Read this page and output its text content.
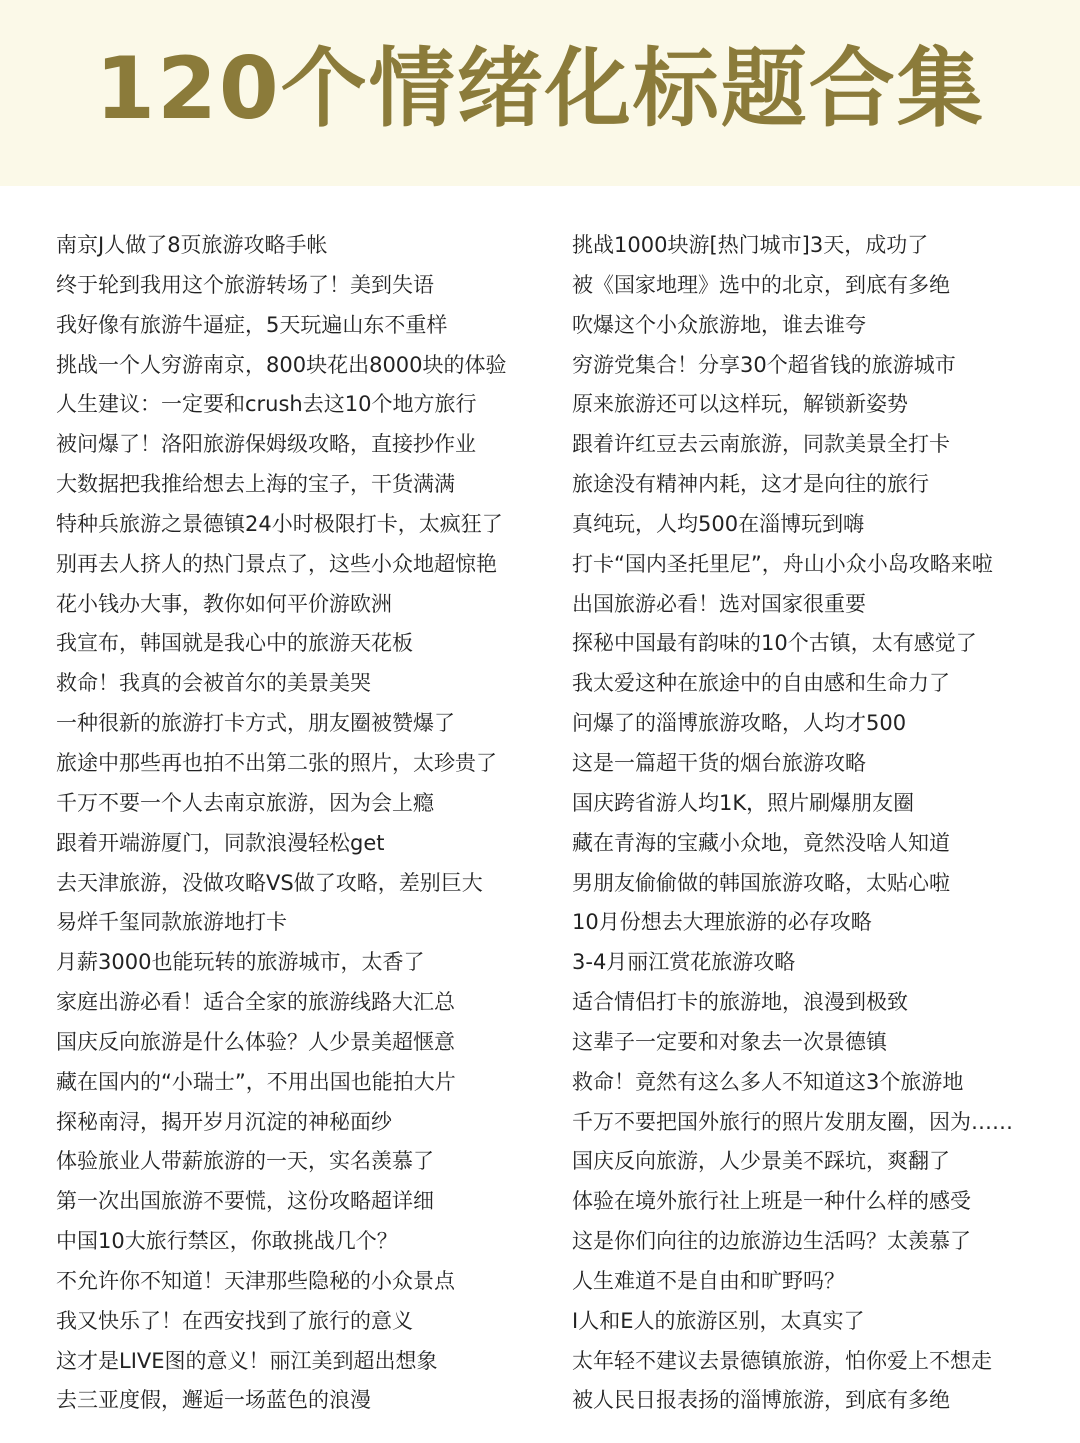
120个情绪化标题合集
南京J人做了8页旅游攻略手帐
终于轮到我用这个旅游转场了！美到失语
我好像有旅游牛逼症，5天玩遍山东不重样
挑战一个人穷游南京，800块花出8000块的体验
人生建议：一定要和crush去这10个地方旅行
被问爆了！洛阳旅游保姆级攻略，直接抄作业
大数据把我推给想去上海的宝子，干货满满
特种兵旅游之景德镇24小时极限打卡，太疯狂了
别再去人挤人的热门景点了，这些小众地超惊艳
花小钱办大事，教你如何平价游欧洲
我宣布，韩国就是我心中的旅游天花板
救命！我真的会被首尔的美景美哭
一种很新的旅游打卡方式，朋友圈被赞爆了
旅途中那些再也拍不出第二张的照片，太珍贵了
千万不要一个人去南京旅游，因为会上瘾
跟着开端游厦门，同款浪漫轻松get
去天津旅游，没做攻略VS做了攻略，差别巨大
易烊千玺同款旅游地打卡
月薪3000也能玩转的旅游城市，太香了
家庭出游必看！适合全家的旅游线路大汇总
国庆反向旅游是什么体验？人少景美超惬意
藏在国内的“小瑞士”，不用出国也能拍大片
探秘南浔，揭开岁月沉淀的神秘面纱
体验旅业人带薪旅游的一天，实名羡慕了
第一次出国旅游不要慌，这份攻略超详细
中国10大旅行禁区，你敢挑战几个？
不允许你不知道！天津那些隐秘的小众景点
我又快乐了！在西安找到了旅行的意义
这才是LIVE图的意义！丽江美到超出想象
去三亚度假，邂逅一场蓝色的浪漫
挑战1000块游[热门城市]3天，成功了
被《国家地理》选中的北京，到底有多绝
吹爆这个小众旅游地，谁去谁夸
穷游党集合！分享30个超省钱的旅游城市
原来旅游还可以这样玩，解锁新姿势
跟着许红豆去云南旅游，同款美景全打卡
旅途没有精神内耗，这才是向往的旅行
真纯玩，人均500在淄博玩到嗨
打卡“国内圣托里尼”，舟山小众小岛攻略来啦
出国旅游必看！选对国家很重要
探秘中国最有韵味的10个古镇，太有感觉了
我太爱这种在旅途中的自由感和生命力了
问爆了的淄博旅游攻略，人均才500
这是一篇超干货的烟台旅游攻略
国庆跨省游人均1K，照片刷爆朋友圈
藏在青海的宝藏小众地，竟然没啥人知道
男朋友偷偷做的韩国旅游攻略，太贴心啦
10月份想去大理旅游的必存攻略
3-4月丽江赏花旅游攻略
适合情侣打卡的旅游地，浪漫到极致
这辈子一定要和对象去一次景德镇
救命！竟然有这么多人不知道这3个旅游地
千万不要把国外旅行的照片发朋友圈，因为……
国庆反向旅游，人少景美不踩坑，爽翻了
体验在境外旅行社上班是一种什么样的感受
这是你们向往的边旅游边生活吗？太羡慕了
人生难道不是自由和旷野吗？
I人和E人的旅游区别，太真实了
太年轻不建议去景德镇旅游，怕你爱上不想走
被人民日报表扬的淄博旅游，到底有多绝
